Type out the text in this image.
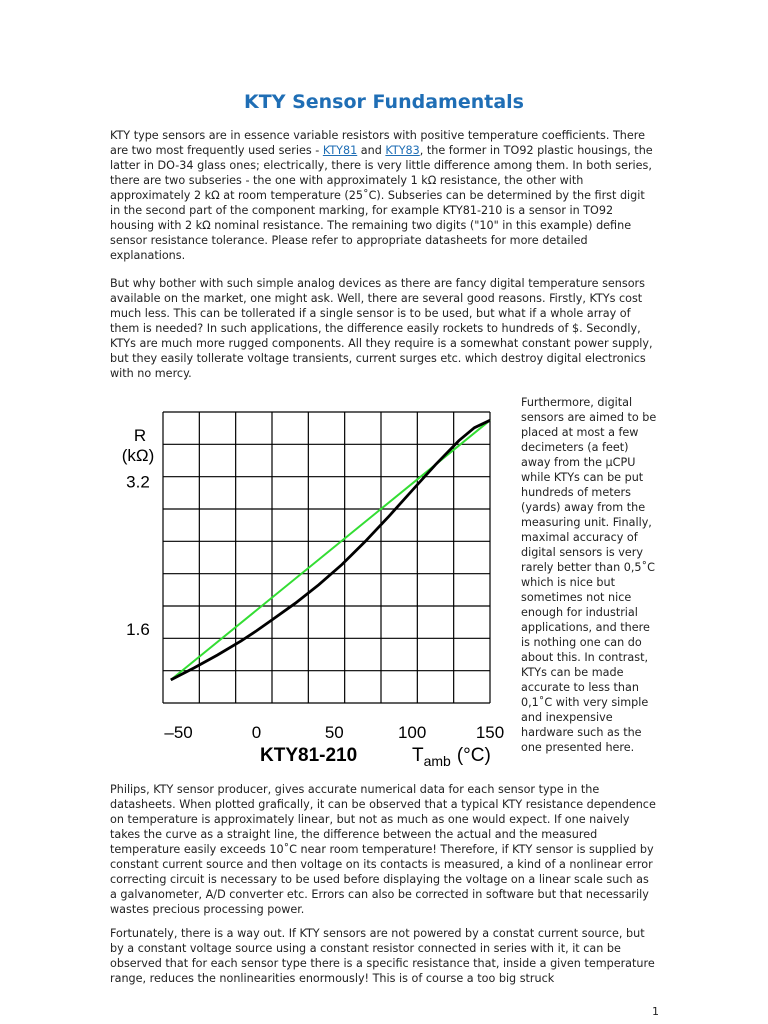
KTY Sensor Fundamentals

KTY type sensors are in essence variable resistors with positive temperature coefficients. There are two most frequently used series - KTY81 and KTY83, the former in TO92 plastic housings, the latter in DO-34 glass ones; electrically, there is very little difference among them. In both series, there are two subseries - the one with approximately 1 kΩ resistance, the other with approximately 2 kΩ at room temperature (25˚C). Subseries can be determined by the first digit in the second part of the component marking, for example KTY81-210 is a sensor in TO92 housing with 2 kΩ nominal resistance. The remaining two digits ("10" in this example) define sensor resistance tolerance. Please refer to appropriate datasheets for more detailed explanations.

But why bother with such simple analog devices as there are fancy digital temperature sensors available on the market, one might ask. Well, there are several good reasons. Firstly, KTYs cost much less. This can be tollerated if a single sensor is to be used, but what if a whole array of them is needed? In such applications, the difference easily rockets to hundreds of $. Secondly, KTYs are much more rugged components. All they require is a somewhat constant power supply, but they easily tollerate voltage transients, current surges etc. which destroy digital electronics with no mercy.

R
(kΩ)
3.2
1.6
–50	0	50	100	150
KTY81-210	$T_{amb}$ (°C)

Furthermore, digital sensors are aimed to be placed at most a few decimeters (a feet) away from the µCPU while KTYs can be put hundreds of meters (yards) away from the measuring unit. Finally, maximal accuracy of digital sensors is very rarely better than 0,5˚C which is nice but sometimes not nice enough for industrial applications, and there is nothing one can do about this. In contrast, KTYs can be made accurate to less than 0,1˚C with very simple and inexpensive hardware such as the one presented here.

Philips, KTY sensor producer, gives accurate numerical data for each sensor type in the datasheets. When plotted grafically, it can be observed that a typical KTY resistance dependence on temperature is approximately linear, but not as much as one would expect. If one naively takes the curve as a straight line, the difference between the actual and the measured temperature easily exceeds 10˚C near room temperature! Therefore, if KTY sensor is supplied by constant current source and then voltage on its contacts is measured, a kind of a nonlinear error correcting circuit is necessary to be used before displaying the voltage on a linear scale such as a galvanometer, A/D converter etc. Errors can also be corrected in software but that necessarily wastes precious processing power.

Fortunately, there is a way out. If KTY sensors are not powered by a constat current source, but by a constant voltage source using a constant resistor connected in series with it, it can be observed that for each sensor type there is a specific resistance that, inside a given temperature range, reduces the nonlinearities enormously! This is of course a too big struck

1
